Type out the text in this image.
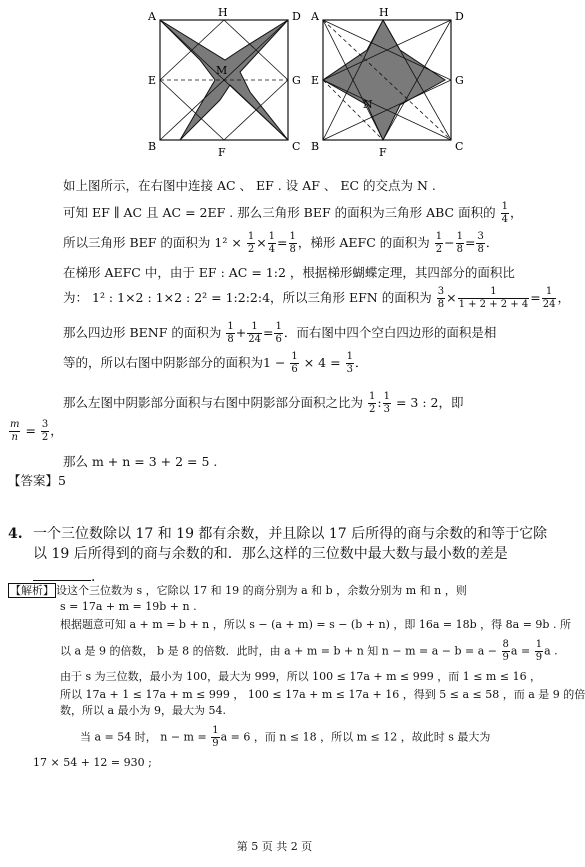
A	H	D
E
M
G
B	F	C
A	H	D
E
N
G
B	F	C
如上图所示，在右图中连接 AC 、 EF . 设 AF 、 EC 的交点为 N .
可知 EF ∥ AC 且 AC = 2EF . 那么三角形 BEF 的面积为三角形 ABC 面积的 $\frac{1}{4}$ ，
所以三角形 BEF 的面积为 $1^2 \times \frac{1}{2} \times \frac{1}{4} = \frac{1}{8}$ ，梯形 AEFC 的面积为 $\frac{1}{2} - \frac{1}{8} = \frac{3}{8}$ ．
在梯形 AEFC 中，由于 EF : AC = 1:2 ，根据梯形蝴蝶定理，其四部分的面积比
为： 1² : 1×2 : 1×2 : 2² = 1:2:2:4，所以三角形 EFN 的面积为 $\frac{3}{8} \times \frac{1}{1 + 2 + 2 + 4} = \frac{1}{24}$ ，
那么四边形 BENF 的面积为 $\frac{1}{8} + \frac{1}{24} = \frac{1}{6}$ ．而右图中四个空白四边形的面积是相
等的，所以右图中阴影部分的面积为$1 - \frac{1}{6} \times 4 = \frac{1}{3}$ ．
那么左图中阴影部分面积与右图中阴影部分面积之比为 $\frac{1}{2}$ : $\frac{1}{3} = 3$ : 2，即
$\frac{m}{n} = \frac{3}{2}$ ，
那么 m + n = 3 + 2 = 5 .
【答案】5
4. 一个三位数除以 17 和 19 都有余数，并且除以 17 后所得的商与余数的和等于它除
以 19 后所得到的商与余数的和．那么这样的三位数中最大数与最小数的差是
．
【解析】 设这个三位数为 s ，它除以 17 和 19 的商分别为 a 和 b ，余数分别为 m 和 n ，则
s = 17a + m = 19b + n .
根据题意可知 a + m = b + n ，所以 s − (a + m) = s − (b + n) ，即 16a = 18b ，得 8a = 9b . 所
以 a 是 9 的倍数， b 是 8 的倍数．此时，由 a + m = b + n 知 $n - m = a - b = a - \frac{8}{9}$ $a = \frac{1}{9}$ a .
由于 s 为三位数，最小为 100，最大为 999，所以 100 ≤ 17a + m ≤ 999 ，而 1 ≤ m ≤ 16 ，
所以 17a + 1 ≤ 17a + m ≤ 999 ， 100 ≤ 17a + m ≤ 17a + 16 ，得到 5 ≤ a ≤ 58 ，而 a 是 9 的倍
数，所以 a 最小为 9，最大为 54.
当 a = 54 时， $n - m = \frac{1}{9}$ a = 6 ，而 n ≤ 18 ，所以 m ≤ 12 ，故此时 s 最大为
17 × 54 + 12 = 930 ;
第 5 页 共 2 页
